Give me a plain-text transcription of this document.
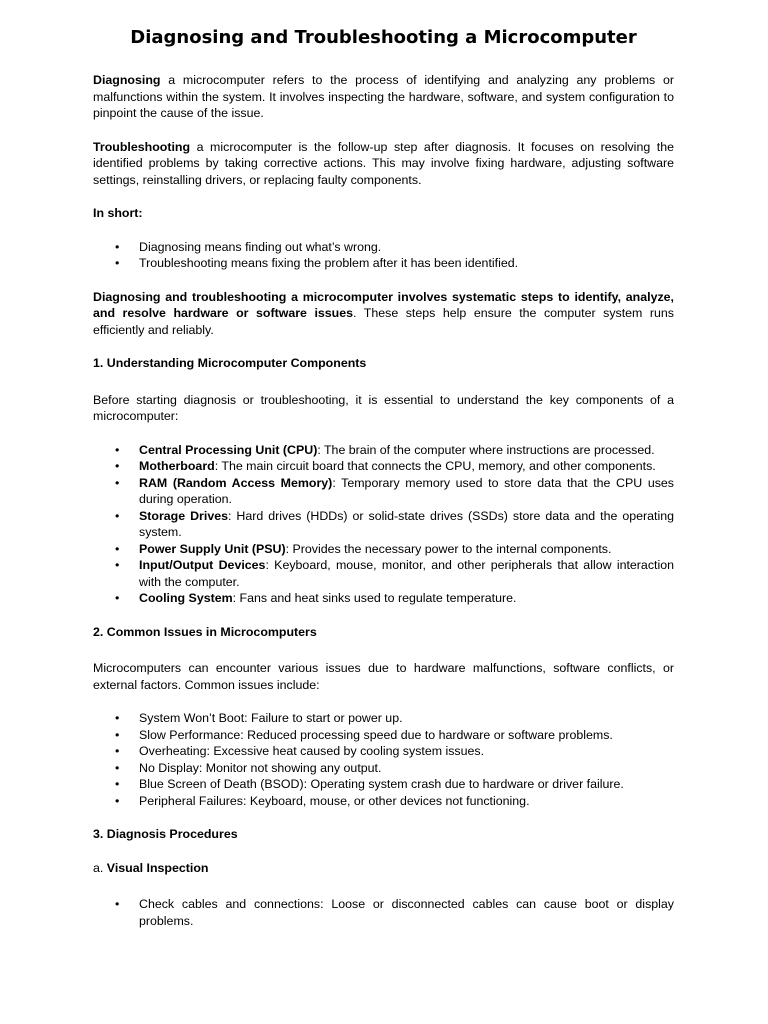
Diagnosing and Troubleshooting a Microcomputer

Diagnosing a microcomputer refers to the process of identifying and analyzing any problems or malfunctions within the system. It involves inspecting the hardware, software, and system configuration to pinpoint the cause of the issue.

Troubleshooting a microcomputer is the follow-up step after diagnosis. It focuses on resolving the identified problems by taking corrective actions. This may involve fixing hardware, adjusting software settings, reinstalling drivers, or replacing faulty components.

In short:
• Diagnosing means finding out what’s wrong.
• Troubleshooting means fixing the problem after it has been identified.

Diagnosing and troubleshooting a microcomputer involves systematic steps to identify, analyze, and resolve hardware or software issues. These steps help ensure the computer system runs efficiently and reliably.

1. Understanding Microcomputer Components

Before starting diagnosis or troubleshooting, it is essential to understand the key components of a microcomputer:

• Central Processing Unit (CPU): The brain of the computer where instructions are processed.
• Motherboard: The main circuit board that connects the CPU, memory, and other components.
• RAM (Random Access Memory): Temporary memory used to store data that the CPU uses during operation.
• Storage Drives: Hard drives (HDDs) or solid-state drives (SSDs) store data and the operating system.
• Power Supply Unit (PSU): Provides the necessary power to the internal components.
• Input/Output Devices: Keyboard, mouse, monitor, and other peripherals that allow interaction with the computer.
• Cooling System: Fans and heat sinks used to regulate temperature.
2. Common Issues in Microcomputers

Microcomputers can encounter various issues due to hardware malfunctions, software conflicts, or external factors. Common issues include:

• System Won’t Boot: Failure to start or power up.
• Slow Performance: Reduced processing speed due to hardware or software problems.
• Overheating: Excessive heat caused by cooling system issues.
• No Display: Monitor not showing any output.
• Blue Screen of Death (BSOD): Operating system crash due to hardware or driver failure.
• Peripheral Failures: Keyboard, mouse, or other devices not functioning.
3. Diagnosis Procedures
a. Visual Inspection
• Check cables and connections: Loose or disconnected cables can cause boot or display problems.
